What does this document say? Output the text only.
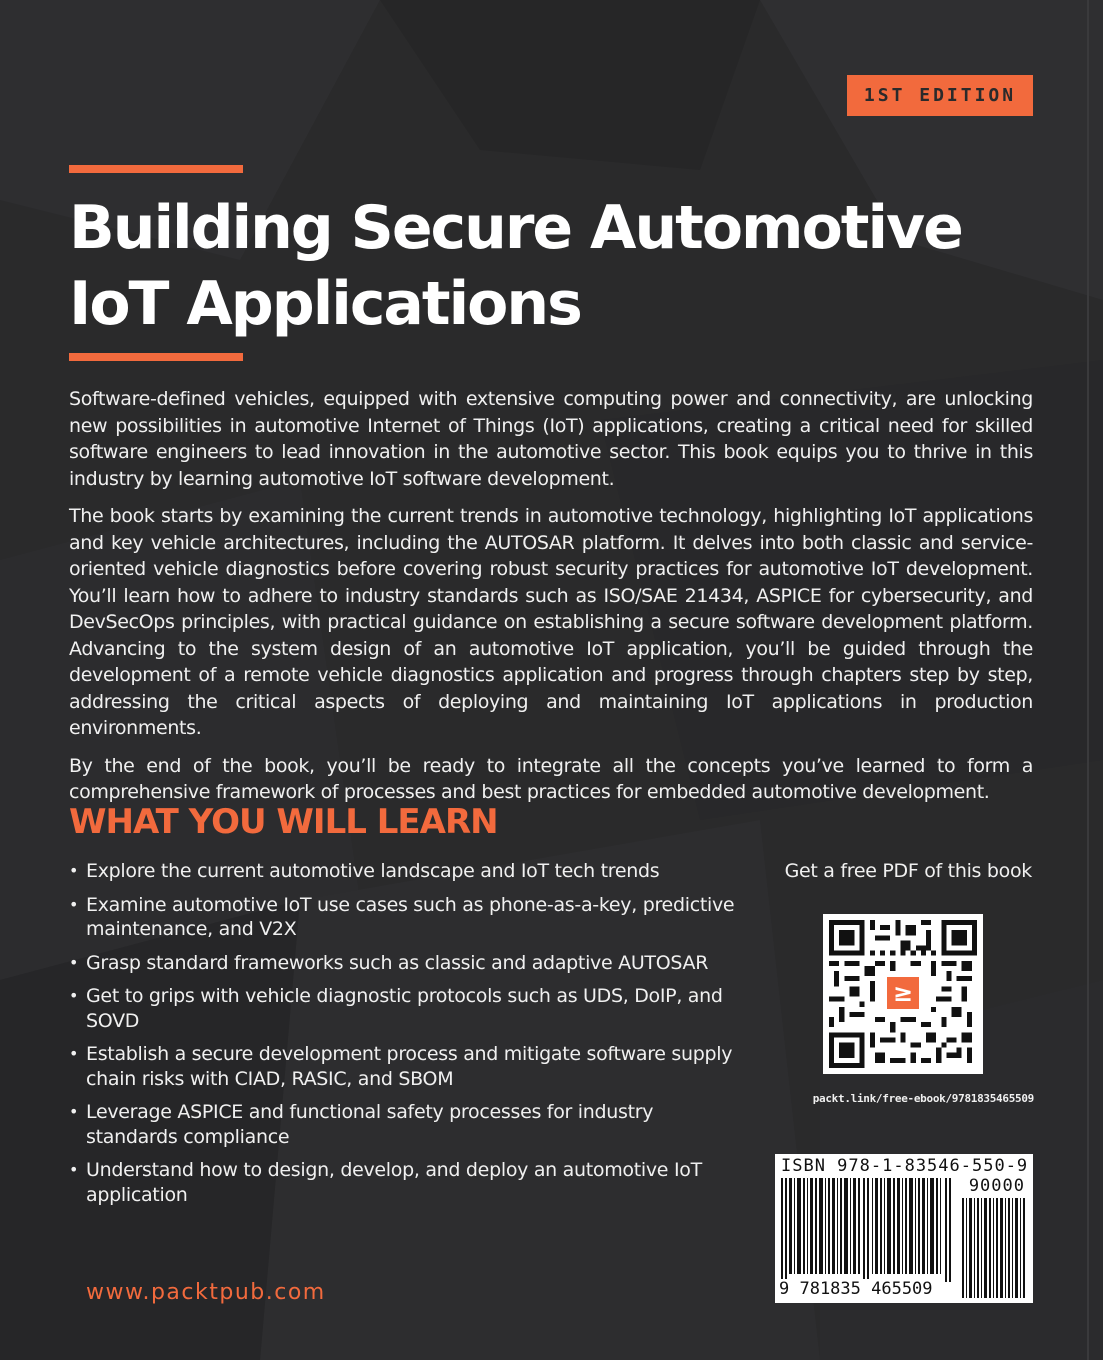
1ST EDITION
Building Secure Automotive
IoT Applications

Software-defined vehicles, equipped with extensive computing power and connectivity, are unlocking new possibilities in automotive Internet of Things (IoT) applications, creating a critical need for skilled software engineers to lead innovation in the automotive sector. This book equips you to thrive in this industry by learning automotive IoT software development.

The book starts by examining the current trends in automotive technology, highlighting IoT applications and key vehicle architectures, including the AUTOSAR platform. It delves into both classic and service-oriented vehicle diagnostics before covering robust security practices for automotive IoT development. You’ll learn how to adhere to industry standards such as ISO/SAE 21434, ASPICE for cybersecurity, and DevSecOps principles, with practical guidance on establishing a secure software development platform. Advancing to the system design of an automotive IoT application, you’ll be guided through the development of a remote vehicle diagnostics application and progress through chapters step by step, addressing the critical aspects of deploying and maintaining IoT applications in production environments.

By the end of the book, you’ll be ready to integrate all the concepts you’ve learned to form a comprehensive framework of processes and best practices for embedded automotive development.

WHAT YOU WILL LEARN
• Explore the current automotive landscape and IoT tech trends
• Examine automotive IoT use cases such as phone-as-a-key, predictive maintenance, and V2X
• Grasp standard frameworks such as classic and adaptive AUTOSAR
• Get to grips with vehicle diagnostic protocols such as UDS, DoIP, and SOVD
• Establish a secure development process and mitigate software supply chain risks with CIAD, RASIC, and SBOM
• Leverage ASPICE and functional safety processes for industry standards compliance
• Understand how to design, develop, and deploy an automotive IoT application
Get a free PDF of this book
≥
packt.link/free-ebook/9781835465509
ISBN 978-1-83546-550-9
90000
9 781835 465509
www.packtpub.com
